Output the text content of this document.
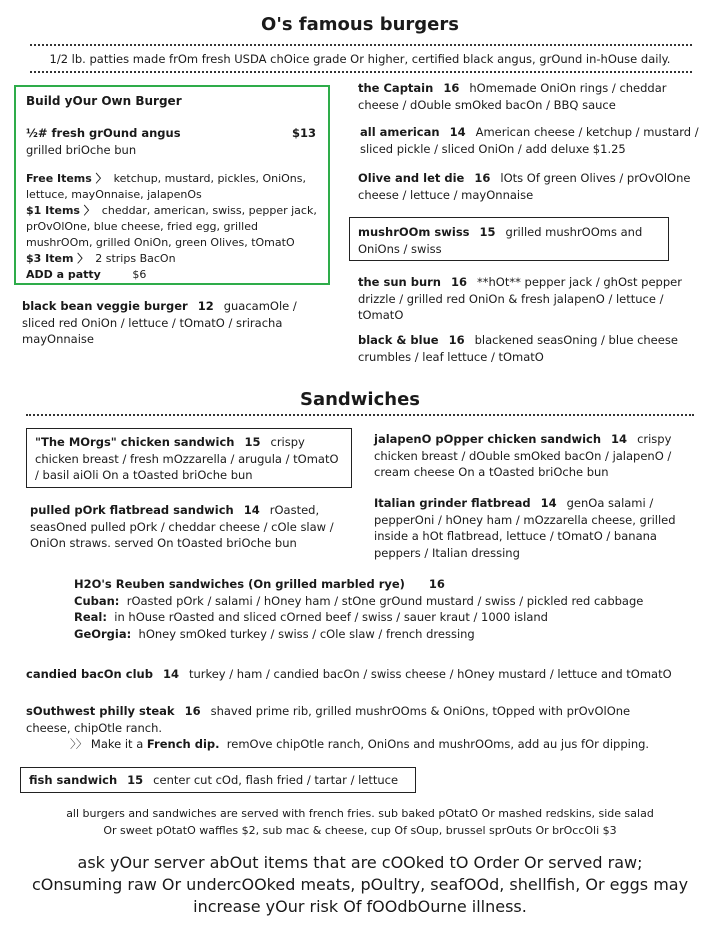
O's famous burgers
1/2 lb. patties made frOm fresh USDA chOice grade Or higher, certified black angus, grOund in-hOuse daily.
Build yOur Own Burger
½# fresh grOund angus	$13
grilled briOche bun
Free Items 〉 ketchup, mustard, pickles, OniOns, lettuce, mayOnnaise, jalapenOs
$1 Items 〉 cheddar, american, swiss, pepper jack, prOvOlOne, blue cheese, fried egg, grilled mushrOOm, grilled OniOn, green Olives, tOmatO
$3 Item 〉 2 strips BacOn
ADD a patty	$6
black bean veggie burger 12 guacamOle / sliced red OniOn / lettuce / tOmatO / sriracha mayOnnaise
the Captain 16 hOmemade OniOn rings / cheddar cheese / dOuble smOked bacOn / BBQ sauce
all american 14 American cheese / ketchup / mustard / sliced pickle / sliced OniOn / add deluxe $1.25
Olive and let die 16 lOts Of green Olives / prOvOlOne cheese / lettuce / mayOnnaise
mushrOOm swiss 15 grilled mushrOOms and OniOns / swiss
the sun burn 16 **hOt** pepper jack / ghOst pepper drizzle / grilled red OniOn & fresh jalapenO / lettuce / tOmatO
black & blue 16 blackened seasOning / blue cheese crumbles / leaf lettuce / tOmatO
Sandwiches
"The MOrgs" chicken sandwich 15 crispy chicken breast / fresh mOzzarella / arugula / tOmatO / basil aiOli On a tOasted briOche bun
pulled pOrk flatbread sandwich 14 rOasted, seasOned pulled pOrk / cheddar cheese / cOle slaw / OniOn straws. served On tOasted briOche bun
jalapenO pOpper chicken sandwich 14 crispy chicken breast / dOuble smOked bacOn / jalapenO / cream cheese On a tOasted briOche bun
Italian grinder flatbread 14 genOa salami / pepperOni / hOney ham / mOzzarella cheese, grilled inside a hOt flatbread, lettuce / tOmatO / banana peppers / Italian dressing
H2O's Reuben sandwiches (On grilled marbled rye) 16
Cuban: rOasted pOrk / salami / hOney ham / stOne grOund mustard / swiss / pickled red cabbage
Real: in hOuse rOasted and sliced cOrned beef / swiss / sauer kraut / 1000 island
GeOrgia: hOney smOked turkey / swiss / cOle slaw / french dressing
candied bacOn club 14 turkey / ham / candied bacOn / swiss cheese / hOney mustard / lettuce and tOmatO
sOuthwest philly steak 16 shaved prime rib, grilled mushrOOms & OniOns, tOpped with prOvOlOne cheese, chipOtle ranch.
〉〉 Make it a French dip. remOve chipOtle ranch, OniOns and mushrOOms, add au jus fOr dipping.
fish sandwich 15 center cut cOd, flash fried / tartar / lettuce
all burgers and sandwiches are served with french fries. sub baked pOtatO Or mashed redskins, side salad
Or sweet pOtatO waffles $2, sub mac & cheese, cup Of sOup, brussel sprOuts Or brOccOli $3
ask yOur server abOut items that are cOOked tO Order Or served raw;
cOnsuming raw Or undercOOked meats, pOultry, seafOOd, shellfish, Or eggs may
increase yOur risk Of fOOdbOurne illness.
